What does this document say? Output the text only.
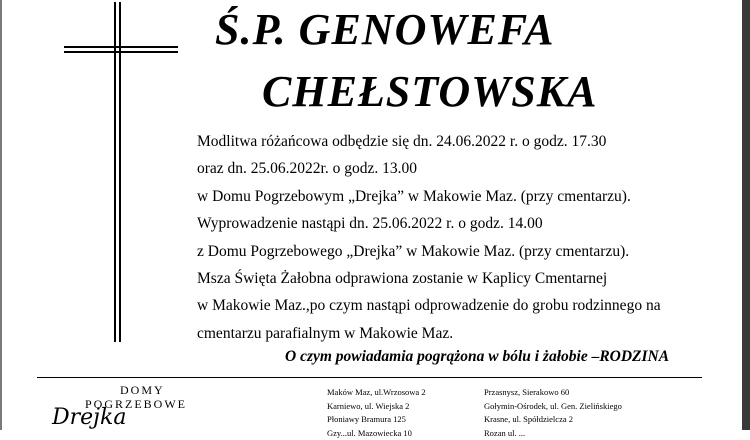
Ś.P. GENOWEFA
CHEŁSTOWSKA
Modlitwa różańcowa odbędzie się dn. 24.06.2022 r. o godz. 17.30
oraz dn. 25.06.2022r. o godz. 13.00
w Domu Pogrzebowym „Drejka” w Makowie Maz. (przy cmentarzu).
Wyprowadzenie nastąpi dn. 25.06.2022 r. o godz. 14.00
z Domu Pogrzebowego „Drejka” w Makowie Maz. (przy cmentarzu).
Msza Święta Żałobna odprawiona zostanie w Kaplicy Cmentarnej
w Makowie Maz.,po czym nastąpi odprowadzenie do grobu rodzinnego na
cmentarzu parafialnym w Makowie Maz.
O czym powiadamia pogrążona w bólu i żałobie –RODZINA
DOMY
POGRZEBOWE
Drejka
Maków Maz, ul.Wrzosowa 2
Karniewo, ul. Wiejska 2
Płoniawy Bramura 125
Gzy...ul. Mazowiecka 10
Przasnysz, Sierakowo 60
Gołymin-Ośrodek, ul. Gen. Zielińskiego
Krasne, ul. Spółdzielcza 2
Rozan ul. ...
